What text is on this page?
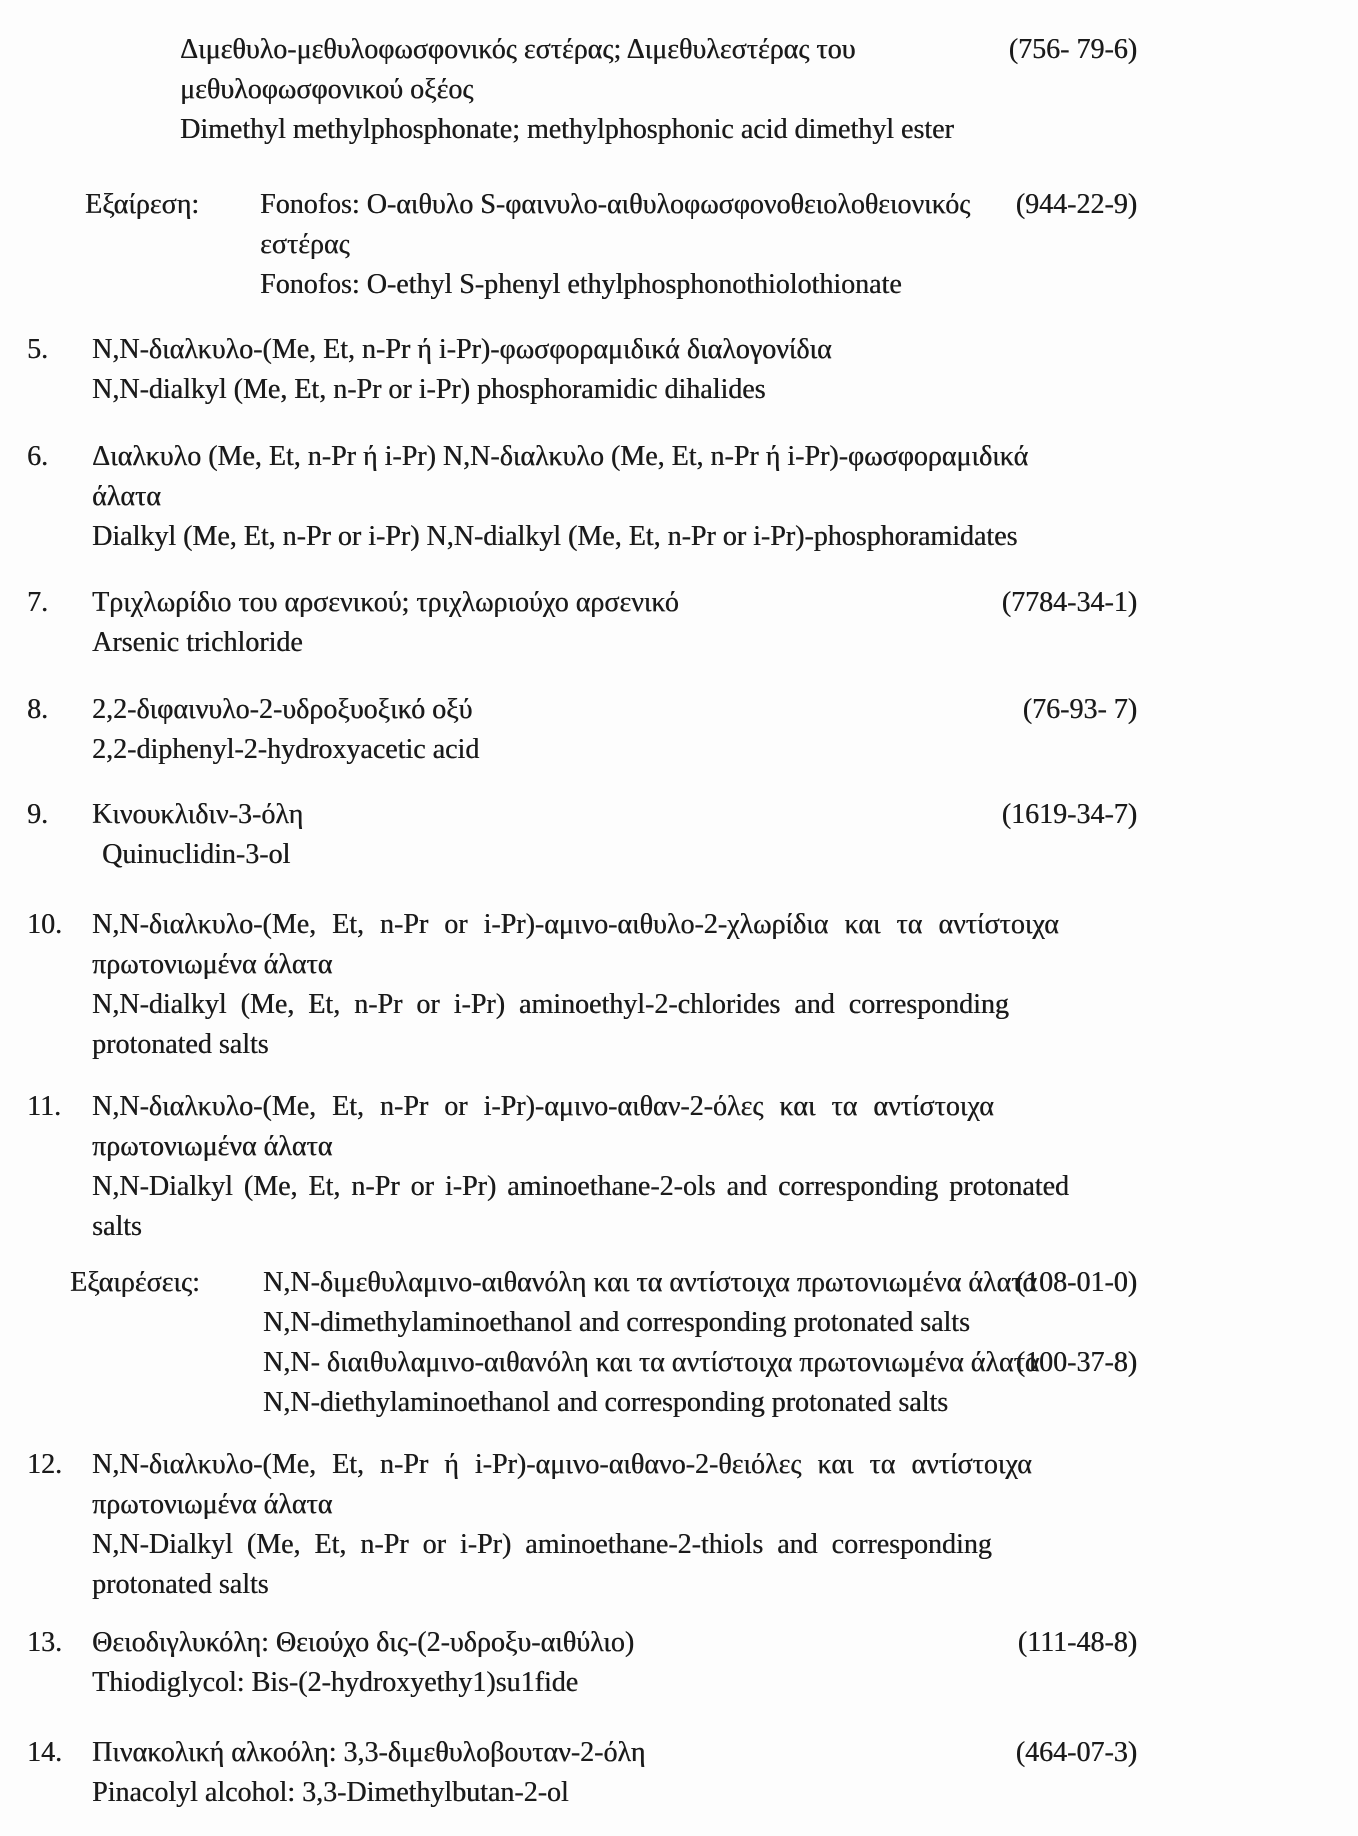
Διμεθυλο-μεθυλοφωσφονικός εστέρας; Διμεθυλεστέρας του
μεθυλοφωσφονικού οξέος
Dimethyl methylphosphonate; methylphosphonic acid dimethyl ester
(756- 79-6)
Εξαίρεση: Fonofos: O-αιθυλο S-φαινυλο-αιθυλοφωσφονοθειολοθειονικός
εστέρας
Fonofos: O-ethyl S-phenyl ethylphosphonothiolothionate
(944-22-9)
5. N,N-διαλκυλο-(Me, Et, n-Pr ή i-Pr)-φωσφοραμιδικά διαλογονίδια
N,N-dialkyl (Me, Et, n-Pr or i-Pr) phosphoramidic dihalides
6. Διαλκυλο (Me, Et, n-Pr ή i-Pr) N,N-διαλκυλο (Me, Et, n-Pr ή i-Pr)-φωσφοραμιδικά
άλατα
Dialkyl (Me, Et, n-Pr or i-Pr) N,N-dialkyl (Me, Et, n-Pr or i-Pr)-phosphoramidates
7. Τριχλωρίδιο του αρσενικού; τριχλωριούχο αρσενικό
Arsenic trichloride
(7784-34-1)
8. 2,2-διφαινυλο-2-υδροξυοξικό οξύ
2,2-diphenyl-2-hydroxyacetic acid
(76-93- 7)
9. Κινουκλιδιν-3-όλη
Quinuclidin-3-ol
(1619-34-7)
10. N,N-διαλκυλο-(Me, Et, n-Pr or i-Pr)-αμινο-αιθυλο-2-χλωρίδια και τα αντίστοιχα
πρωτονιωμένα άλατα
N,N-dialkyl (Me, Et, n-Pr or i-Pr) aminoethyl-2-chlorides and corresponding
protonated salts
11. N,N-διαλκυλο-(Me, Et, n-Pr or i-Pr)-αμινο-αιθαν-2-όλες και τα αντίστοιχα
πρωτονιωμένα άλατα
N,N-Dialkyl (Me, Et, n-Pr or i-Pr) aminoethane-2-ols and corresponding protonated
salts
Εξαιρέσεις: N,N-διμεθυλαμινο-αιθανόλη και τα αντίστοιχα πρωτονιωμένα άλατα
N,N-dimethylaminoethanol and corresponding protonated salts
N,N- διαιθυλαμινο-αιθανόλη και τα αντίστοιχα πρωτονιωμένα άλατα
N,N-diethylaminoethanol and corresponding protonated salts
(108-01-0)
(100-37-8)
12. N,N-διαλκυλο-(Me, Et, n-Pr ή i-Pr)-αμινο-αιθανο-2-θειόλες και τα αντίστοιχα
πρωτονιωμένα άλατα
N,N-Dialkyl (Me, Et, n-Pr or i-Pr) aminoethane-2-thiols and corresponding
protonated salts
13. Θειοδιγλυκόλη: Θειούχο δις-(2-υδροξυ-αιθύλιο)
Thiodiglycol: Bis-(2-hydroxyethy1)su1fide
(111-48-8)
14. Πινακολική αλκοόλη: 3,3-διμεθυλοβουταν-2-όλη
Pinacolyl alcohol: 3,3-Dimethylbutan-2-ol
(464-07-3)
